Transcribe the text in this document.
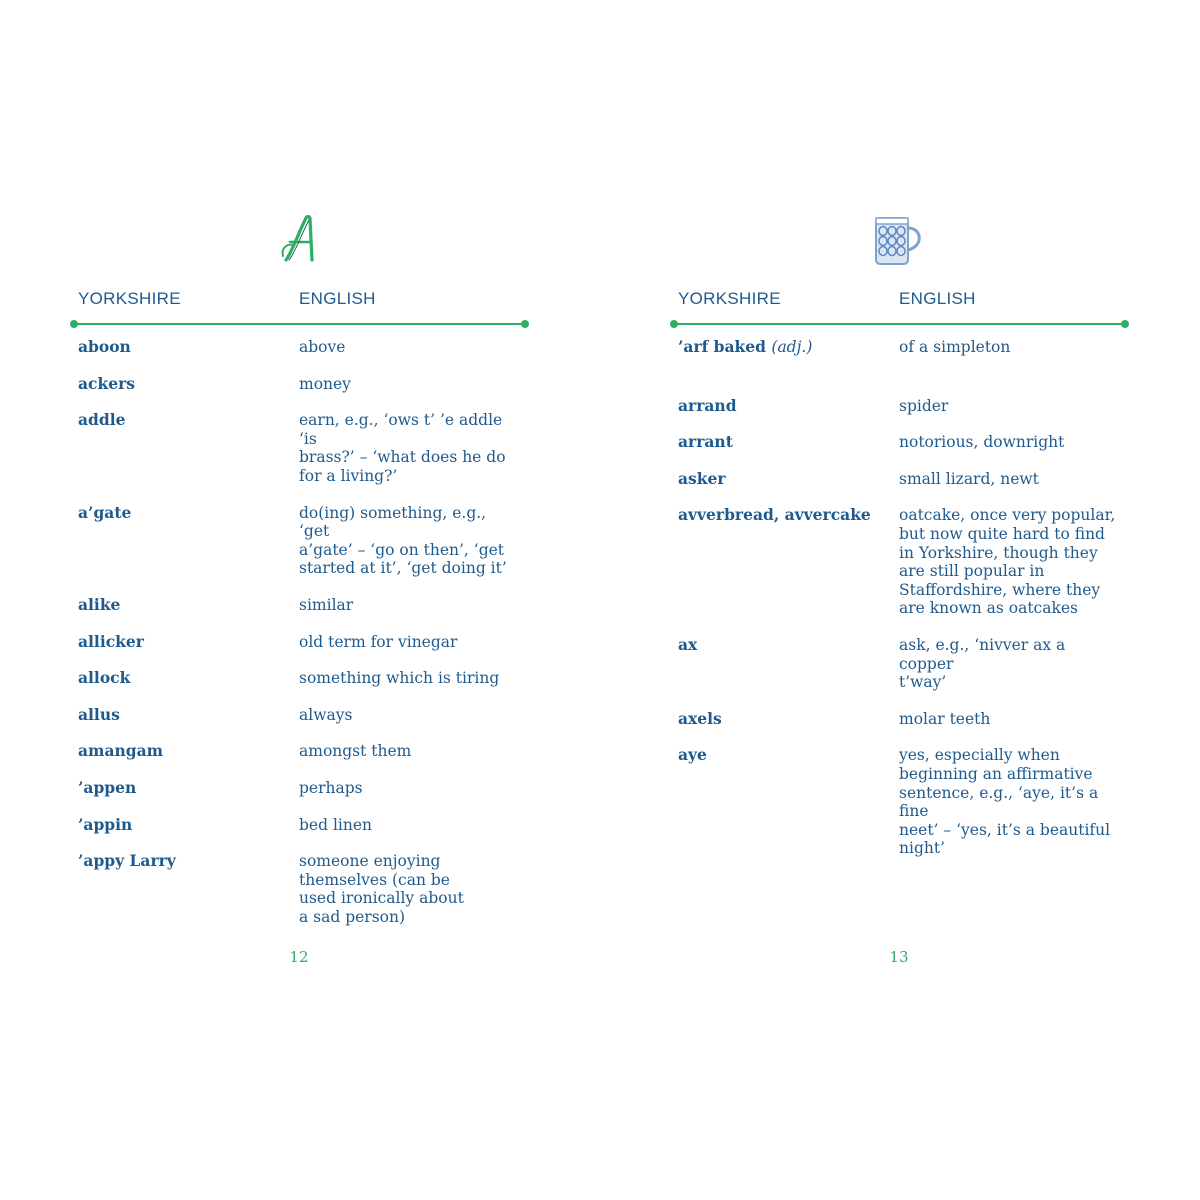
YORKSHIRE	ENGLISH
aboon	above
ackers	money
addle	earn, e.g., ‘ows t’ ’e addle ‘is
brass?’ – ‘what does he do
for a living?’
a’gate	do(ing) something, e.g., ‘get
a’gate’ – ‘go on then’, ‘get
started at it’, ‘get doing it’
alike	similar
allicker	old term for vinegar
allock	something which is tiring
allus	always
amangam	amongst them
’appen	perhaps
’appin	bed linen
’appy Larry	someone enjoying
themselves (can be
used ironically about
a sad person)
12
YORKSHIRE	ENGLISH
’arf baked (adj.)	of a simpleton
arrand	spider
arrant	notorious, downright
asker	small lizard, newt
avverbread, avvercake	oatcake, once very popular,
but now quite hard to find
in Yorkshire, though they
are still popular in
Staffordshire, where they
are known as oatcakes
ax	ask, e.g., ‘nivver ax a copper
t’way’
axels	molar teeth
aye	yes, especially when
beginning an affirmative
sentence, e.g., ‘aye, it’s a fine
neet’ – ‘yes, it’s a beautiful
night’
13
